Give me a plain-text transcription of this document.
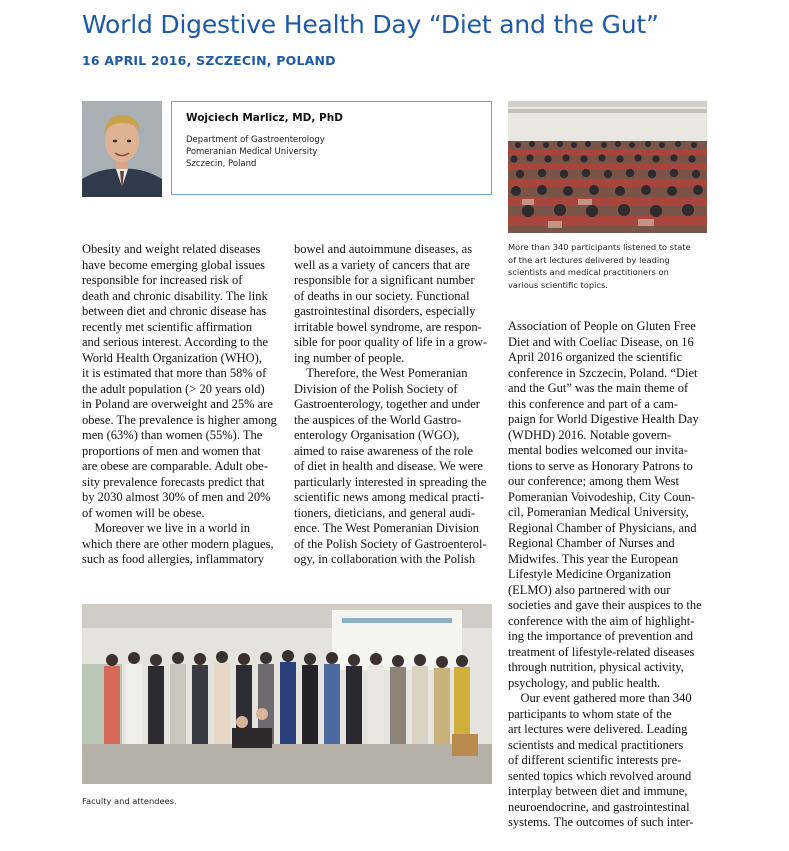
World Digestive Health Day “Diet and the Gut”
16 APRIL 2016, SZCZECIN, POLAND
Wojciech Marlicz, MD, PhD
Department of Gastroenterology
Pomeranian Medical University
Szczecin, Poland
More than 340 participants listened to state
of the art lectures delivered by leading
scientists and medical practitioners on
various scientific topics.
Obesity and weight related diseases
have become emerging global issues
responsible for increased risk of
death and chronic disability. The link
between diet and chronic disease has
recently met scientific affirmation
and serious interest. According to the
World Health Organization (WHO),
it is estimated that more than 58% of
the adult population (> 20 years old)
in Poland are overweight and 25% are
obese. The prevalence is higher among
men (63%) than women (55%). The
proportions of men and women that
are obese are comparable. Adult obe-
sity prevalence forecasts predict that
by 2030 almost 30% of men and 20%
of women will be obese.
Moreover we live in a world in
which there are other modern plagues,
such as food allergies, inflammatory
bowel and autoimmune diseases, as
well as a variety of cancers that are
responsible for a significant number
of deaths in our society. Functional
gastrointestinal disorders, especially
irritable bowel syndrome, are respon-
sible for poor quality of life in a grow-
ing number of people.
Therefore, the West Pomeranian
Division of the Polish Society of
Gastroenterology, together and under
the auspices of the World Gastro-
enterology Organisation (WGO),
aimed to raise awareness of the role
of diet in health and disease. We were
particularly interested in spreading the
scientific news among medical practi-
tioners, dieticians, and general audi-
ence. The West Pomeranian Division
of the Polish Society of Gastroenterol-
ogy, in collaboration with the Polish
Association of People on Gluten Free
Diet and with Coeliac Disease, on 16
April 2016 organized the scientific
conference in Szczecin, Poland. “Diet
and the Gut” was the main theme of
this conference and part of a cam-
paign for World Digestive Health Day
(WDHD) 2016. Notable govern-
mental bodies welcomed our invita-
tions to serve as Honorary Patrons to
our conference; among them West
Pomeranian Voivodeship, City Coun-
cil, Pomeranian Medical University,
Regional Chamber of Physicians, and
Regional Chamber of Nurses and
Midwifes. This year the European
Lifestyle Medicine Organization
(ELMO) also partnered with our
societies and gave their auspices to the
conference with the aim of highlight-
ing the importance of prevention and
treatment of lifestyle-related diseases
through nutrition, physical activity,
psychology, and public health.
Our event gathered more than 340
participants to whom state of the
art lectures were delivered. Leading
scientists and medical practitioners
of different scientific interests pre-
sented topics which revolved around
interplay between diet and immune,
neuroendocrine, and gastrointestinal
systems. The outcomes of such inter-
Faculty and attendees.
